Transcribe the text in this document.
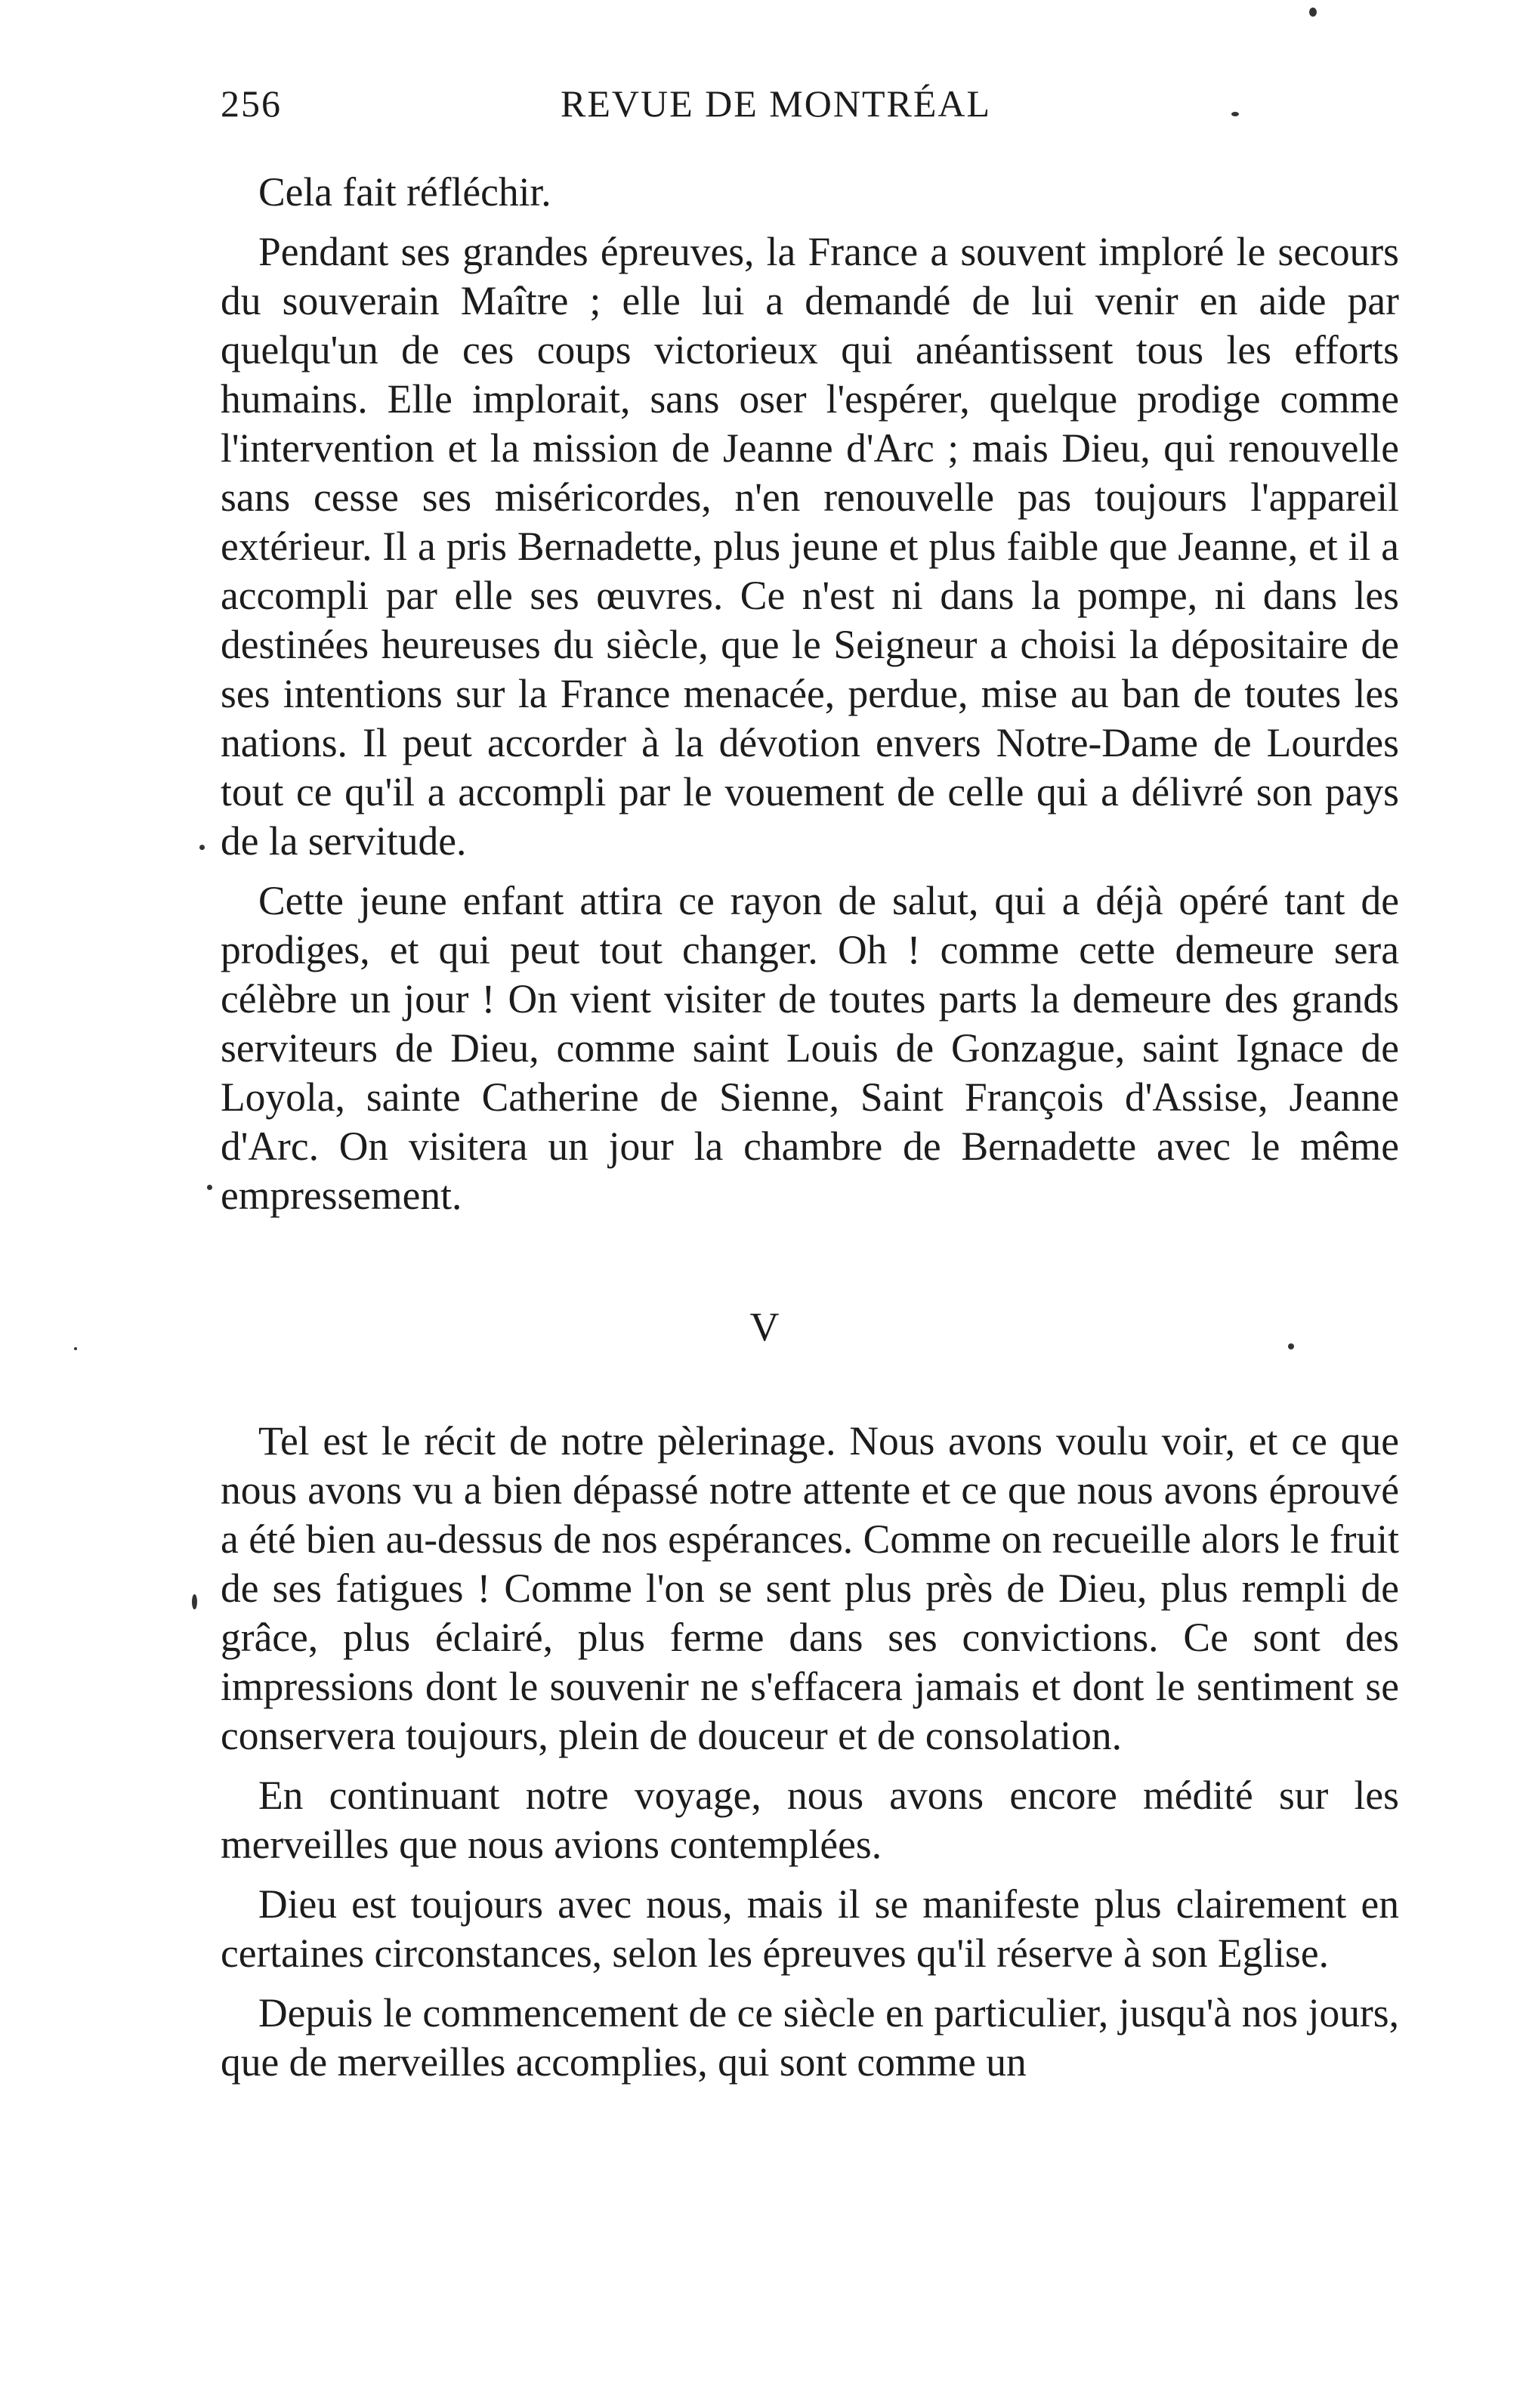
256	REVUE DE MONTRÉAL

Cela fait réfléchir.

Pendant ses grandes épreuves, la France a souvent imploré le secours du souverain Maître ; elle lui a demandé de lui venir en aide par quelqu'un de ces coups victorieux qui anéantissent tous les efforts humains. Elle implorait, sans oser l'espérer, quelque prodige comme l'intervention et la mission de Jeanne d'Arc ; mais Dieu, qui renouvelle sans cesse ses miséricordes, n'en renouvelle pas toujours l'appareil extérieur. Il a pris Bernadette, plus jeune et plus faible que Jeanne, et il a accompli par elle ses œuvres. Ce n'est ni dans la pompe, ni dans les destinées heureuses du siècle, que le Seigneur a choisi la dépositaire de ses intentions sur la France menacée, perdue, mise au ban de toutes les nations. Il peut accorder à la dévotion envers Notre-Dame de Lourdes tout ce qu'il a accompli par le vouement de celle qui a délivré son pays de la servitude.

Cette jeune enfant attira ce rayon de salut, qui a déjà opéré tant de prodiges, et qui peut tout changer. Oh ! comme cette demeure sera célèbre un jour ! On vient visiter de toutes parts la demeure des grands serviteurs de Dieu, comme saint Louis de Gonzague, saint Ignace de Loyola, sainte Catherine de Sienne, Saint François d'Assise, Jeanne d'Arc. On visitera un jour la chambre de Bernadette avec le même empressement.

V

Tel est le récit de notre pèlerinage. Nous avons voulu voir, et ce que nous avons vu a bien dépassé notre attente et ce que nous avons éprouvé a été bien au-dessus de nos espérances. Comme on recueille alors le fruit de ses fatigues ! Comme l'on se sent plus près de Dieu, plus rempli de grâce, plus éclairé, plus ferme dans ses convictions. Ce sont des impressions dont le souvenir ne s'effacera jamais et dont le sentiment se conservera toujours, plein de douceur et de consolation.

En continuant notre voyage, nous avons encore médité sur les merveilles que nous avions contemplées.

Dieu est toujours avec nous, mais il se manifeste plus clairement en certaines circonstances, selon les épreuves qu'il réserve à son Eglise.

Depuis le commencement de ce siècle en particulier, jusqu'à nos jours, que de merveilles accomplies, qui sont comme un
